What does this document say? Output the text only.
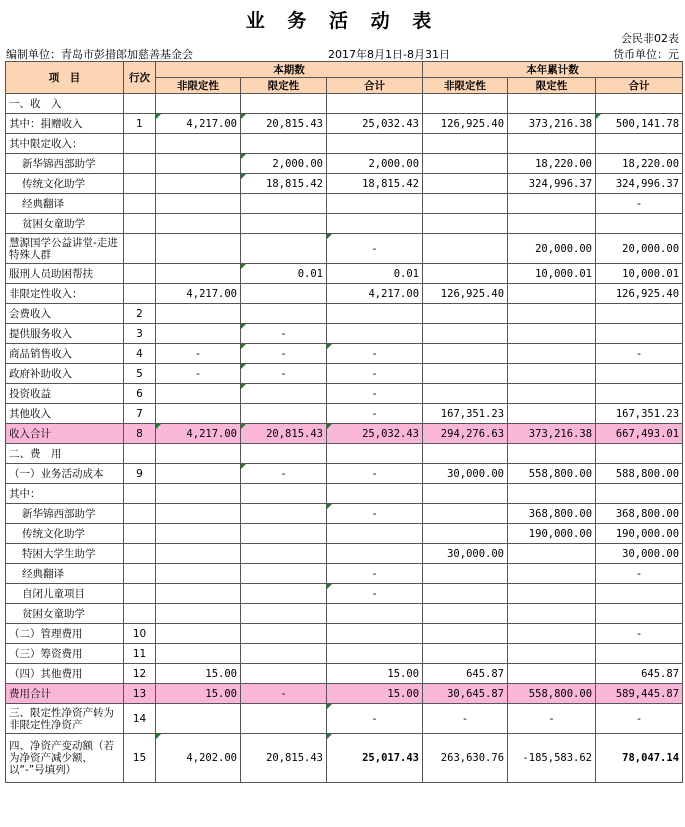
业 务 活 动 表
会民非02表
编制单位：青岛市彭措郎加慈善基金会	2017年8月1日-8月31日	货币单位：元
项　目	行次	本期数			本年累计数		
		非限定性	限定性	合计	非限定性	限定性	合计
一、收　入							
其中：捐赠收入	1	4,217.00	20,815.43	25,032.43	126,925.40	373,216.38	500,141.78
其中限定收入：							
新华锦西部助学			2,000.00	2,000.00		18,220.00	18,220.00
传统文化助学			18,815.42	18,815.42		324,996.37	324,996.37
经典翻译							-
贫困女童助学							
慧源国学公益讲堂-走进特殊人群				-		20,000.00	20,000.00
服刑人员助困帮扶			0.01	0.01		10,000.01	10,000.01
非限定性收入：		4,217.00		4,217.00	126,925.40		126,925.40
会费收入	2						
提供服务收入	3		-				
商品销售收入	4	-	-	-			-
政府补助收入	5	-	-	-			
投资收益	6			-			
其他收入	7			-	167,351.23		167,351.23
收入合计	8	4,217.00	20,815.43	25,032.43	294,276.63	373,216.38	667,493.01
二、费　用							
（一）业务活动成本	9		-	-	30,000.00	558,800.00	588,800.00
其中：							
新华锦西部助学				-		368,800.00	368,800.00
传统文化助学						190,000.00	190,000.00
特困大学生助学					30,000.00		30,000.00
经典翻译				-			-
自闭儿童项目				-			
贫困女童助学							
（二）管理费用	10						-
（三）筹资费用	11						
（四）其他费用	12	15.00		15.00	645.87		645.87
费用合计	13	15.00	-	15.00	30,645.87	558,800.00	589,445.87
三、限定性净资产转为非限定性净资产	14			-	-	-	-
四、净资产变动额（若为净资产减少额，以“-”号填列）	15	4,202.00	20,815.43	25,017.43	263,630.76	-185,583.62	78,047.14
